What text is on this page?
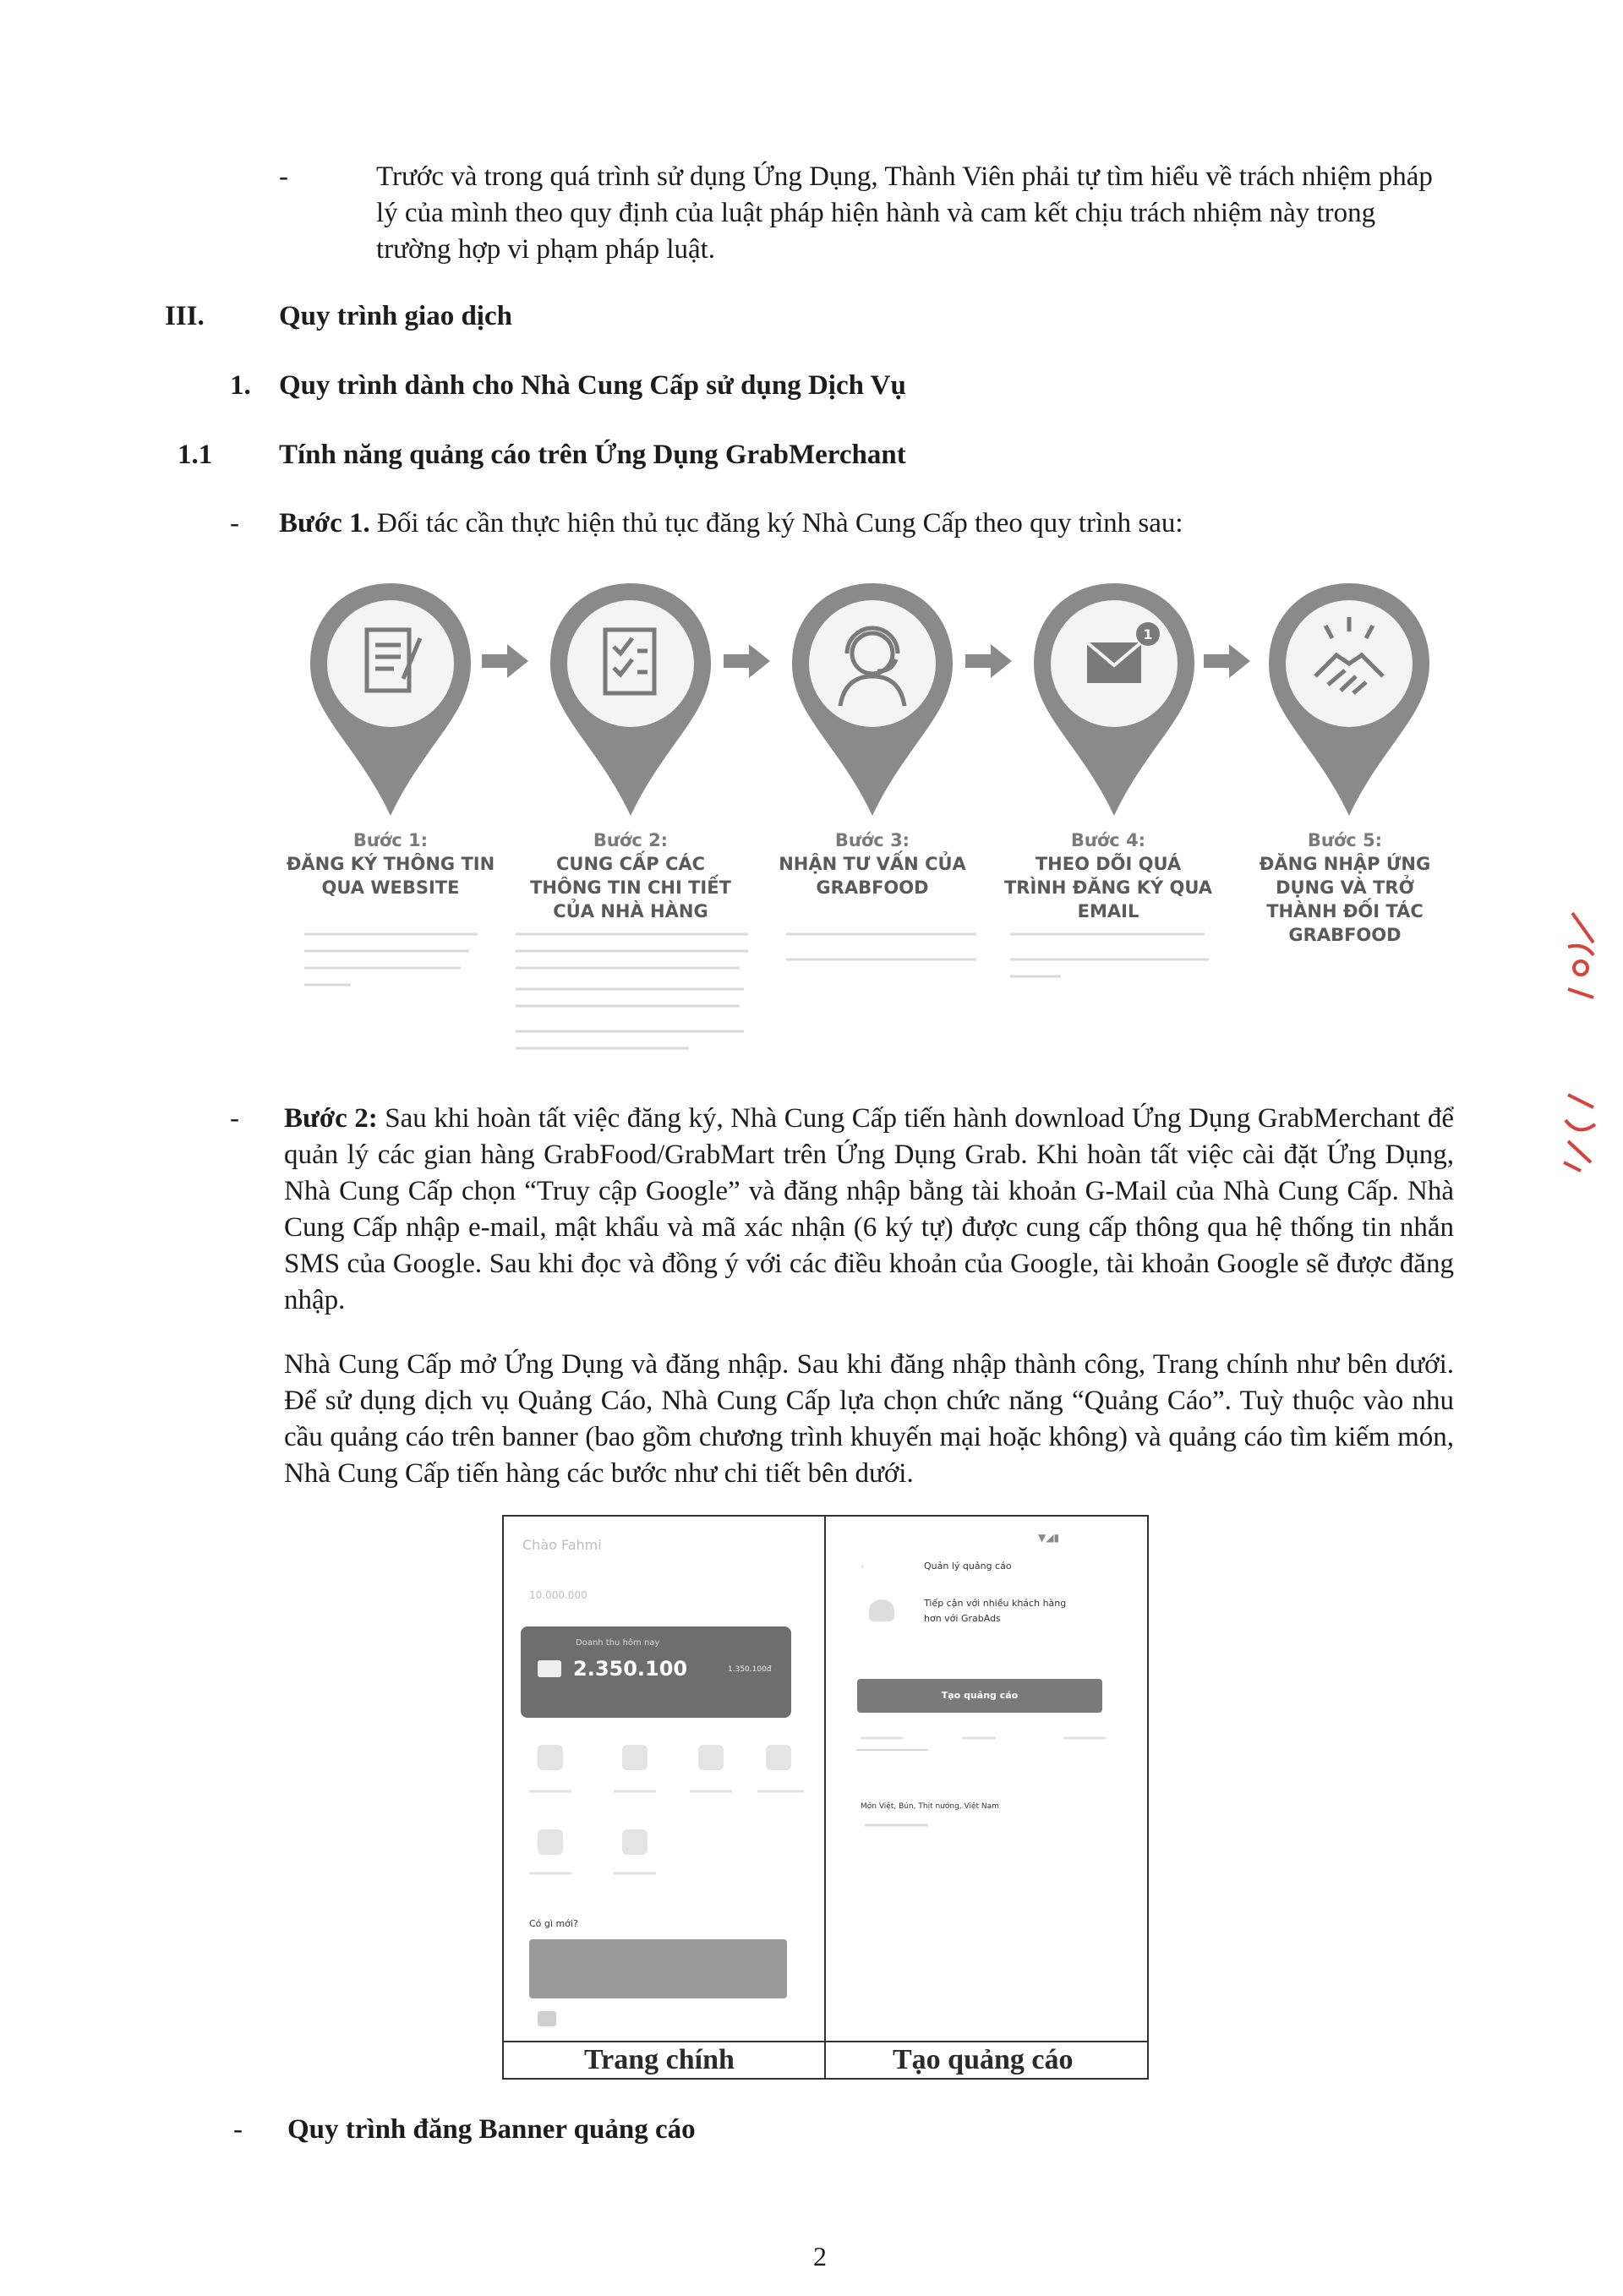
-	Trước và trong quá trình sử dụng Ứng Dụng, Thành Viên phải tự tìm hiểu về trách nhiệm pháp lý của mình theo quy định của luật pháp hiện hành và cam kết chịu trách nhiệm này trong trường hợp vi phạm pháp luật.
III.	Quy trình giao dịch
1. Quy trình dành cho Nhà Cung Cấp sử dụng Dịch Vụ
1.1 Tính năng quảng cáo trên Ứng Dụng GrabMerchant
- Bước 1. Đối tác cần thực hiện thủ tục đăng ký Nhà Cung Cấp theo quy trình sau:
1
Bước 1:
ĐĂNG KÝ THÔNG TIN QUA WEBSITE
Bước 2:
CUNG CẤP CÁC THÔNG TIN CHI TIẾT CỦA NHÀ HÀNG
Bước 3:
NHẬN TƯ VẤN CỦA GRABFOOD
Bước 4:
THEO DÕI QUÁ TRÌNH ĐĂNG KÝ QUA EMAIL
Bước 5:
ĐĂNG NHẬP ỨNG DỤNG VÀ TRỞ THÀNH ĐỐI TÁC GRABFOOD
- Bước 2: Sau khi hoàn tất việc đăng ký, Nhà Cung Cấp tiến hành download Ứng Dụng GrabMerchant để quản lý các gian hàng GrabFood/GrabMart trên Ứng Dụng Grab. Khi hoàn tất việc cài đặt Ứng Dụng, Nhà Cung Cấp chọn “Truy cập Google” và đăng nhập bằng tài khoản G-Mail của Nhà Cung Cấp. Nhà Cung Cấp nhập e-mail, mật khẩu và mã xác nhận (6 ký tự) được cung cấp thông qua hệ thống tin nhắn SMS của Google. Sau khi đọc và đồng ý với các điều khoản của Google, tài khoản Google sẽ được đăng nhập.
Nhà Cung Cấp mở Ứng Dụng và đăng nhập. Sau khi đăng nhập thành công, Trang chính như bên dưới. Để sử dụng dịch vụ Quảng Cáo, Nhà Cung Cấp lựa chọn chức năng “Quảng Cáo”. Tuỳ thuộc vào nhu cầu quảng cáo trên banner (bao gồm chương trình khuyến mại hoặc không) và quảng cáo tìm kiếm món, Nhà Cung Cấp tiến hàng các bước như chi tiết bên dưới.
Chào Fahmi
10.000.000
Doanh thu hôm nay
2.350.100	1.350.100đ
Có gì mới?
▼◢▮
‹	Quản lý quảng cáo
Tiếp cận với nhiều khách hàng
hơn với GrabAds
Tạo quảng cáo
Món Việt, Bún, Thịt nướng, Việt Nam
Trang chính	Tạo quảng cáo
- Quy trình đăng Banner quảng cáo
2
